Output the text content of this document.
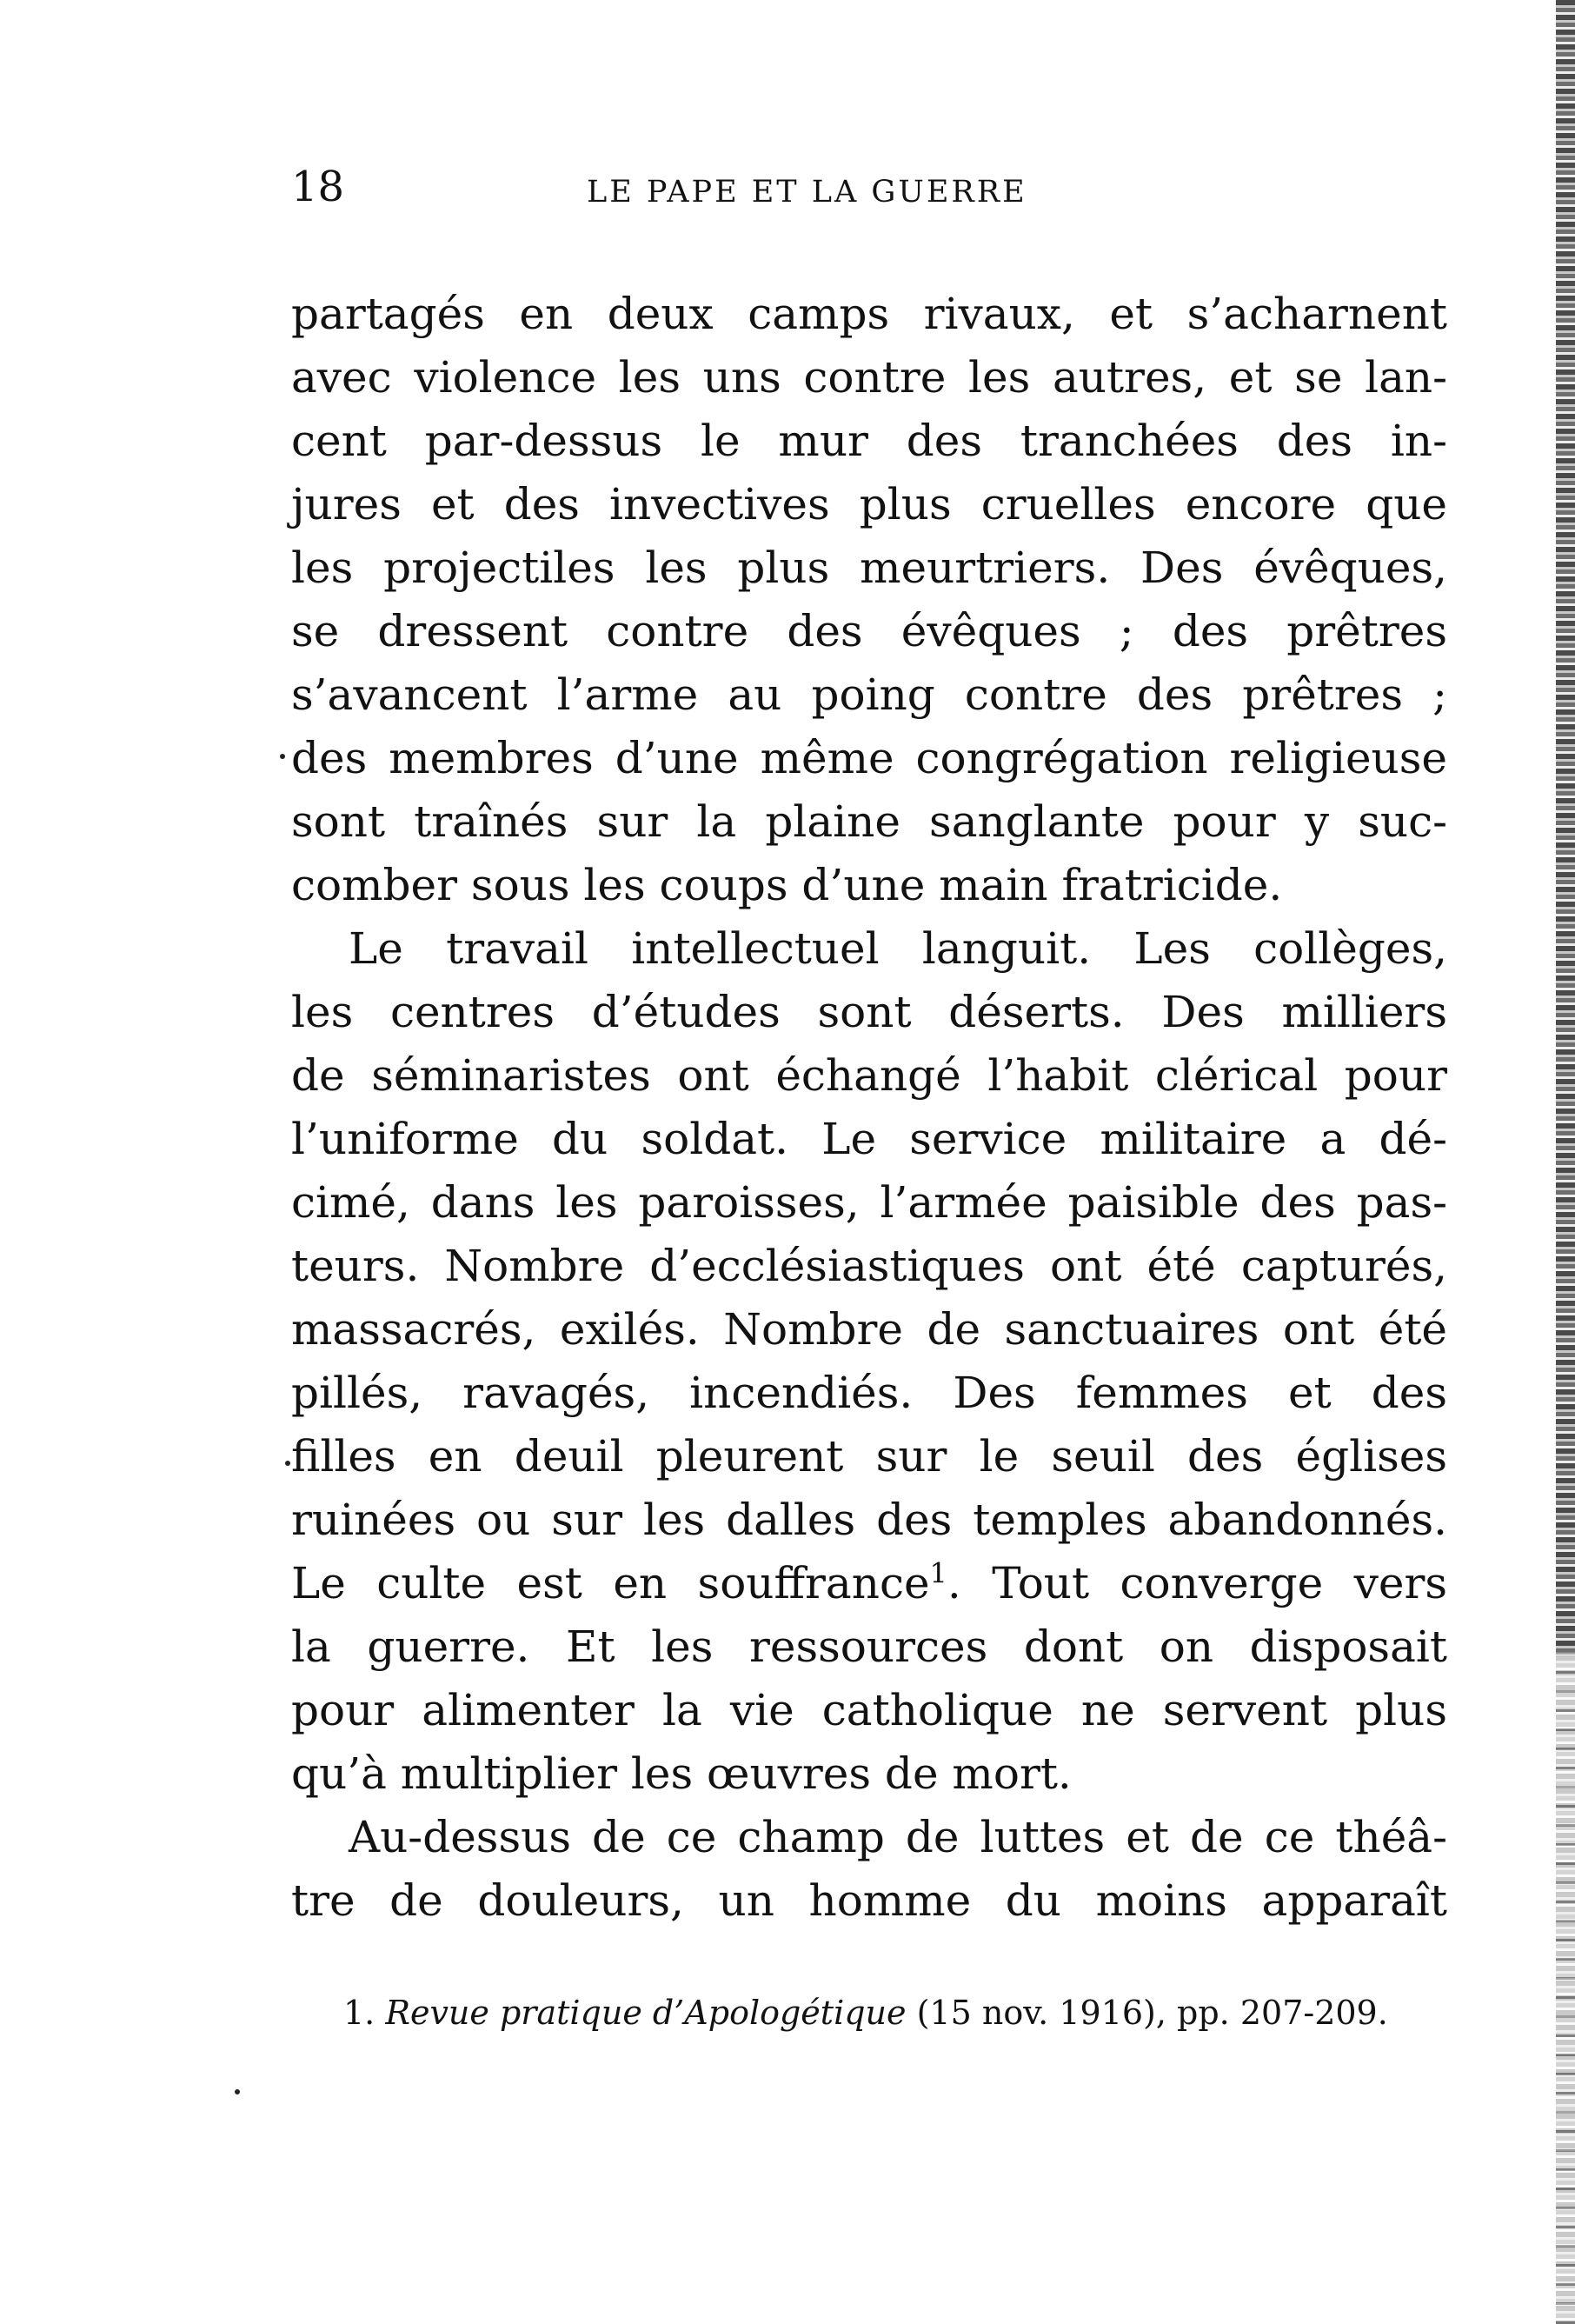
18	LE PAPE ET LA GUERRE
partagés en deux camps rivaux, et s’acharnent
avec violence les uns contre les autres, et se lan-
cent par-dessus le mur des tranchées des in-
jures et des invectives plus cruelles encore que
les projectiles les plus meurtriers. Des évêques,
se dressent contre des évêques ; des prêtres
s’avancent l’arme au poing contre des prêtres ;
des membres d’une même congrégation religieuse
sont traînés sur la plaine sanglante pour y suc-
comber sous les coups d’une main fratricide.
Le travail intellectuel languit. Les collèges,
les centres d’études sont déserts. Des milliers
de séminaristes ont échangé l’habit clérical pour
l’uniforme du soldat. Le service militaire a dé-
cimé, dans les paroisses, l’armée paisible des pas-
teurs. Nombre d’ecclésiastiques ont été capturés,
massacrés, exilés. Nombre de sanctuaires ont été
pillés, ravagés, incendiés. Des femmes et des
filles en deuil pleurent sur le seuil des églises
ruinées ou sur les dalles des temples abandonnés.
Le culte est en souffrance$^1$. Tout converge vers
la guerre. Et les ressources dont on disposait
pour alimenter la vie catholique ne servent plus
qu’à multiplier les œuvres de mort.
Au-dessus de ce champ de luttes et de ce théâ-
tre de douleurs, un homme du moins apparaît
1. Revue pratique d’Apologétique (15 nov. 1916), pp. 207-209.
